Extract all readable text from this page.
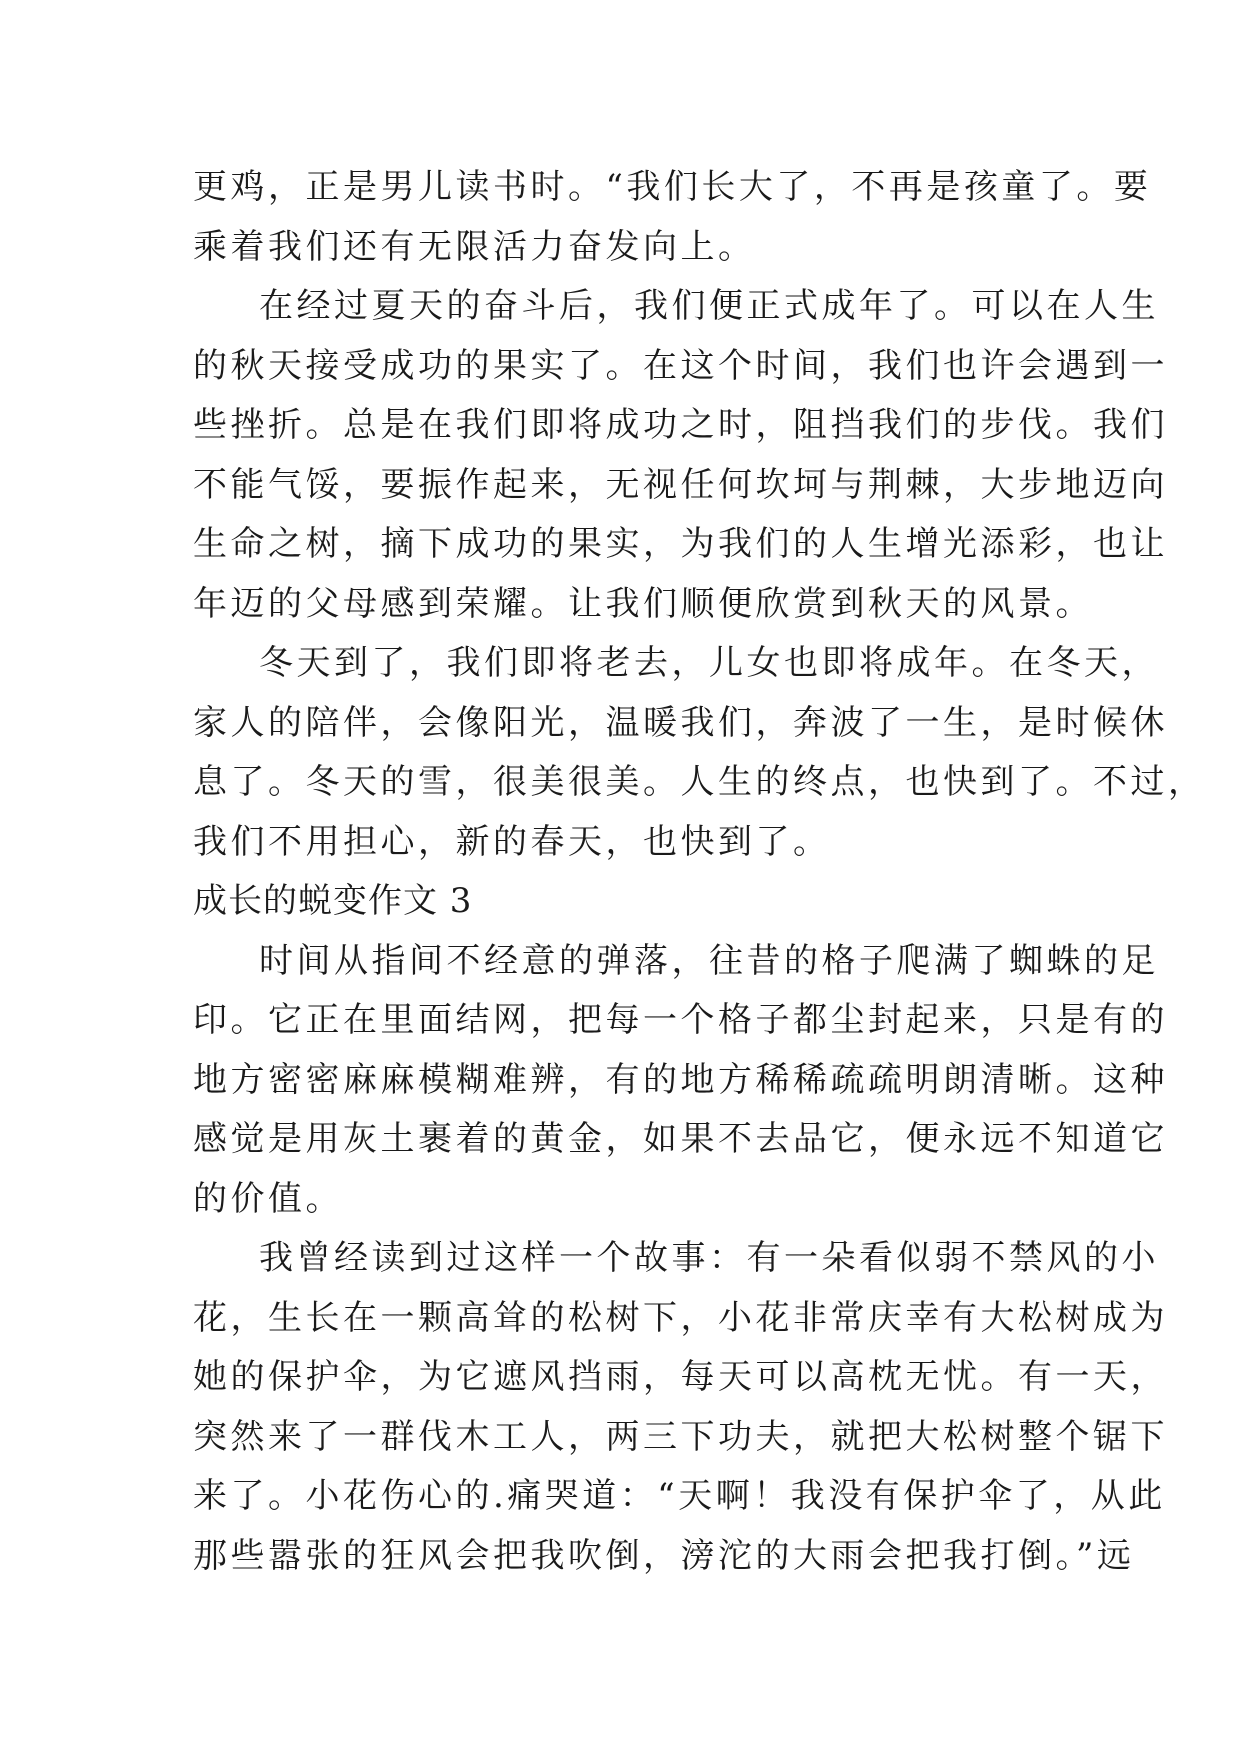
更鸡，正是男儿读书时。“我们长大了，不再是孩童了。要
乘着我们还有无限活力奋发向上。
在经过夏天的奋斗后，我们便正式成年了。可以在人生
的秋天接受成功的果实了。在这个时间，我们也许会遇到一
些挫折。总是在我们即将成功之时，阻挡我们的步伐。我们
不能气馁，要振作起来，无视任何坎坷与荆棘，大步地迈向
生命之树，摘下成功的果实，为我们的人生增光添彩，也让
年迈的父母感到荣耀。让我们顺便欣赏到秋天的风景。
冬天到了，我们即将老去，儿女也即将成年。在冬天，
家人的陪伴，会像阳光，温暖我们，奔波了一生，是时候休
息了。冬天的雪，很美很美。人生的终点，也快到了。不过，
我们不用担心，新的春天，也快到了。
成长的蜕变作文 3
时间从指间不经意的弹落，往昔的格子爬满了蜘蛛的足
印。它正在里面结网，把每一个格子都尘封起来，只是有的
地方密密麻麻模糊难辨，有的地方稀稀疏疏明朗清晰。这种
感觉是用灰土裹着的黄金，如果不去品它，便永远不知道它
的价值。
我曾经读到过这样一个故事：有一朵看似弱不禁风的小
花，生长在一颗高耸的松树下，小花非常庆幸有大松树成为
她的保护伞，为它遮风挡雨，每天可以高枕无忧。有一天，
突然来了一群伐木工人，两三下功夫，就把大松树整个锯下
来了。小花伤心的.痛哭道：“天啊！我没有保护伞了，从此
那些嚣张的狂风会把我吹倒，滂沱的大雨会把我打倒。”远
